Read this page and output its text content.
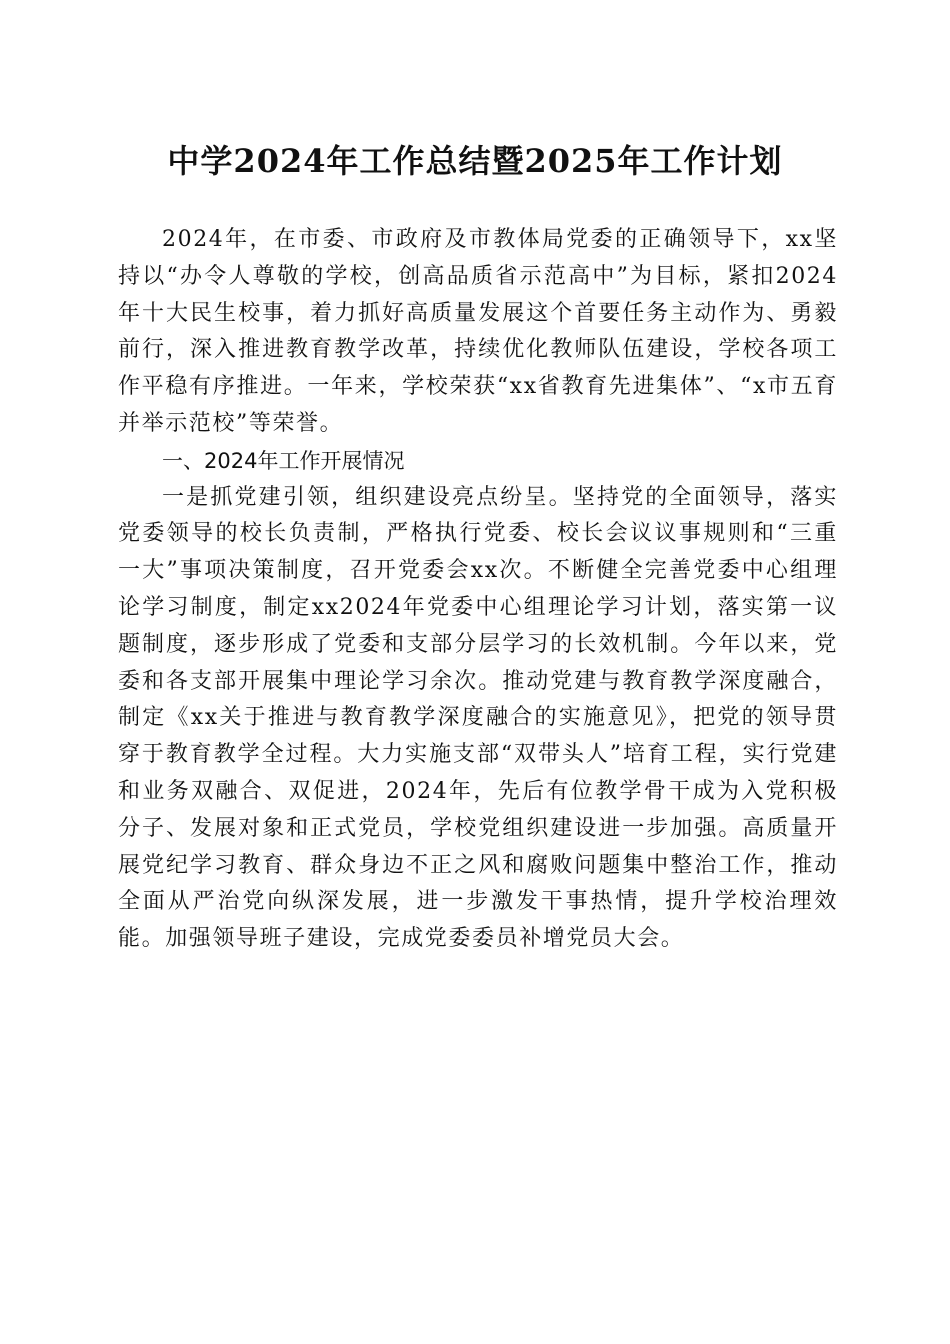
中学2024年工作总结暨2025年工作计划

2024年，在市委、市政府及市教体局党委的正确领导下，xx坚持以“办令人尊敬的学校，创高品质省示范高中”为目标，紧扣2024年十大民生校事，着力抓好高质量发展这个首要任务主动作为、勇毅前行，深入推进教育教学改革，持续优化教师队伍建设，学校各项工作平稳有序推进。一年来，学校荣获“xx省教育先进集体”、“x市五育并举示范校”等荣誉。

一、2024年工作开展情况

一是抓党建引领，组织建设亮点纷呈。坚持党的全面领导，落实党委领导的校长负责制，严格执行党委、校长会议议事规则和“三重一大”事项决策制度，召开党委会xx次。不断健全完善党委中心组理论学习制度，制定xx2024年党委中心组理论学习计划，落实第一议题制度，逐步形成了党委和支部分层学习的长效机制。今年以来，党委和各支部开展集中理论学习余次。推动党建与教育教学深度融合，制定《xx关于推进与教育教学深度融合的实施意见》，把党的领导贯穿于教育教学全过程。大力实施支部“双带头人”培育工程，实行党建和业务双融合、双促进，2024年，先后有位教学骨干成为入党积极分子、发展对象和正式党员，学校党组织建设进一步加强。高质量开展党纪学习教育、群众身边不正之风和腐败问题集中整治工作，推动全面从严治党向纵深发展，进一步激发干事热情，提升学校治理效能。加强领导班子建设，完成党委委员补增党员大会。
